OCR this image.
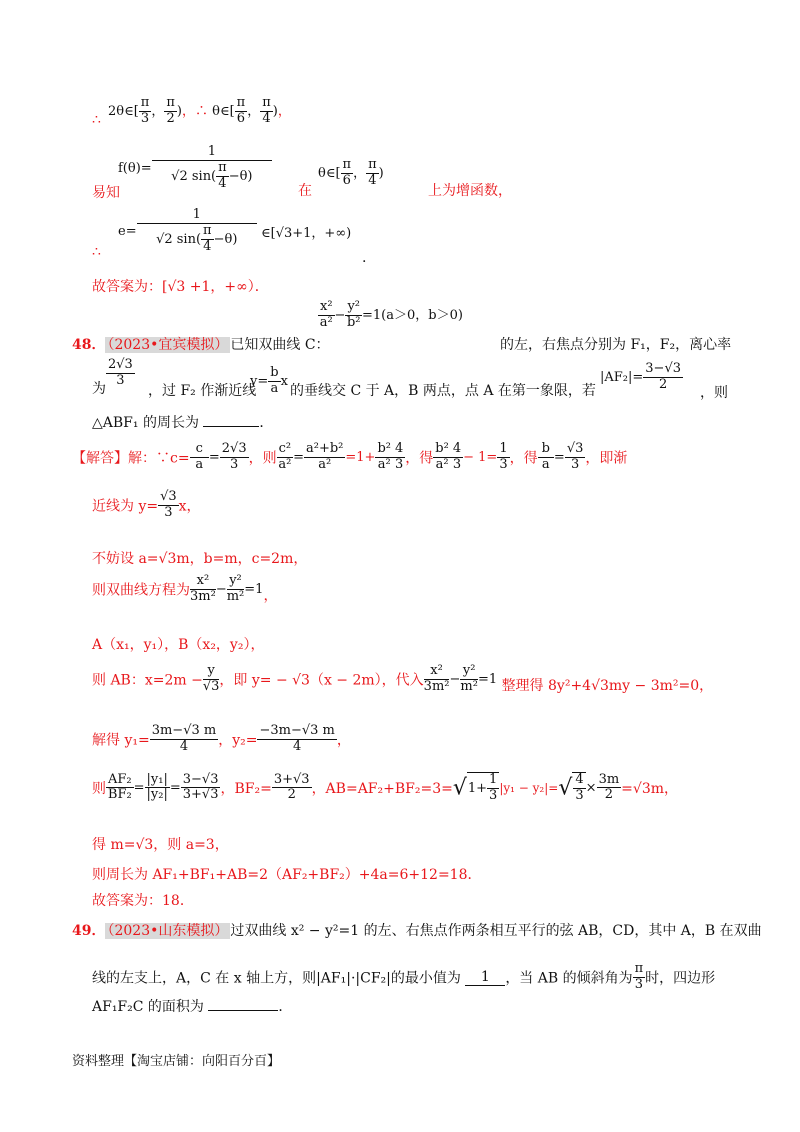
∴
2θ∈[ $\frac{\pi}{3}$ ， $\frac{\pi}{2}$ )，∴ θ∈[ $\frac{\pi}{6}$ ， $\frac{\pi}{4}$ )，
$f(\theta)= \frac{1}{√2 \sin( \frac{\pi}{4} -\theta)}$
易知	在
θ∈[ $\frac{\pi}{6}$ ， $\frac{\pi}{4}$ )
上为增函数，
$e= \frac{1}{√2 \sin( \frac{\pi}{4} -\theta)}$ ∈[√3+1，+∞)
∴	.
故答案为：[√3 +1，+∞）．
$\frac{\text{x²}}{\text{a²}} - \frac{\text{y²}}{\text{b²}} =1(a>0$，b＞0)
48． （2023•宜宾模拟） 已知双曲线 C：	的左，右焦点分别为 F₁，F₂，离心率
为
$\frac{2√3}{3}$
，过 F₂ 作渐近线
$y= \frac{b}{a}$ x
的垂线交 C 于 A，B 两点，点 A 在第一象限，若
$|AF_2|= \frac{3-√3}{2}$
，则
△ABF₁ 的周长为	．
【解答】解：∵c= $\frac{c}{a} = \frac{2√3}{3}$ ，则 $\frac{\text{c²}}{\text{a²}} = \frac{\text{a²+b²}}{\text{a²}} =1+ \frac{\text{b²}}{\text{a²}} \frac{4}{3}$ ，得 $\frac{\text{b²}}{\text{a²}} \frac{4}{3} - 1= \frac{1}{3}$ ，得 $\frac{b}{a} = \frac{√3}{3}$ ，即渐
近线为 $y= \frac{√3}{3}$ x，
不妨设 a=√3m，b=m，c=2m，
则双曲线方程为 $\frac{\text{x²}}{\text{3m²}} - \frac{\text{y²}}{\text{m²}} =1$，
A（x₁，y₁），B（x₂，y₂），
则 AB：$x=2m - \frac{y}{√3}$ ，即 y= − √3（x − 2m），代入 $\frac{\text{x²}}{\text{3m²}} - \frac{\text{y²}}{\text{m²}} =1$ 整理得 8y²+4√3my − 3m²=0，
解得 $y_1= \frac{3m-√3 m}{4}$ ，$y_2= \frac{-3m-√3 m}{4}$ ，
则 $\frac{\text{AF₂}}{\text{BF₂}} = \frac{\text{|y₁|}}{\text{|y₂|}} = \frac{3-√3}{3+√3}$ ，$BF_2= \frac{3+√3}{2}$ ，AB=AF₂+BF₂=3=√ $1+ \frac{1}{3} |y_1 - y_2|=√ \frac{4}{3} \times \frac{3m}{2} =√3m$，
得 m=√3，则 a=3，
则周长为 AF₁+BF₁+AB=2（AF₂+BF₂）+4a=6+12=18．
故答案为：18．
49． （2023•山东模拟） 过双曲线 x² − y²=1 的左、右焦点作两条相互平行的弦 AB，CD，其中 A，B 在双曲
线的左支上，A，C 在 x 轴上方，则|AF₁|·|CF₂|的最小值为 1 ，当 AB 的倾斜角为 $\frac{\pi}{3}$ 时，四边形
AF₁F₂C 的面积为	．
资料整理【淘宝店铺：向阳百分百】
